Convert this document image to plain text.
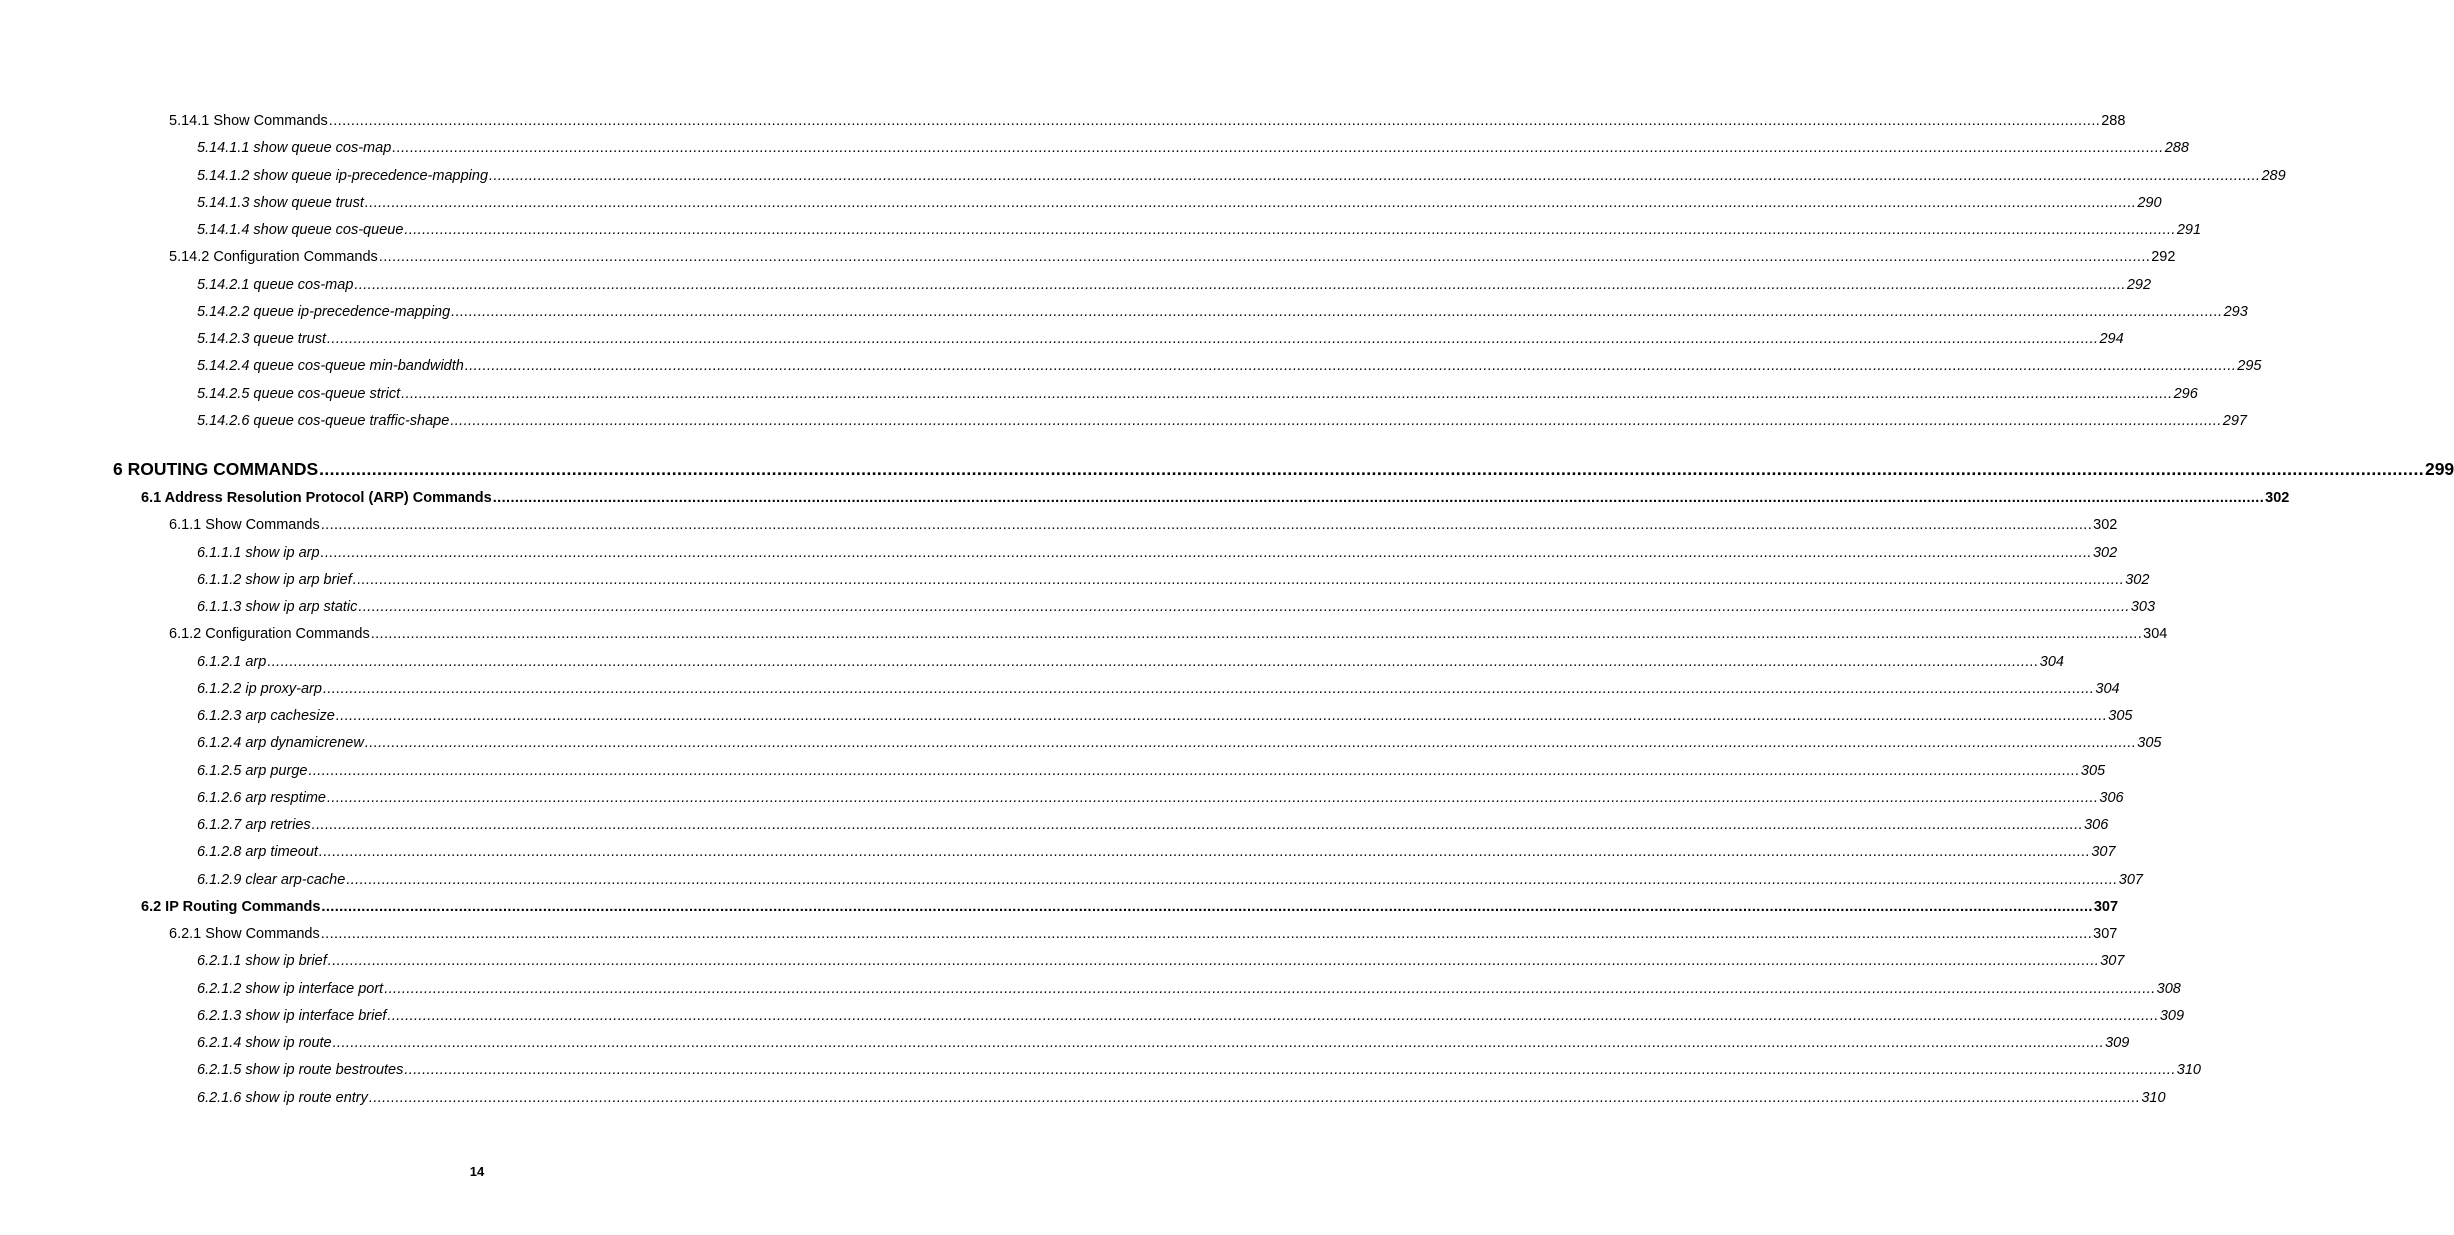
5.14.1 Show Commands ................................................................................................................................................................................................................................................................................................................................................................................................................ 288
5.14.1.1 show queue cos-map ................................................................................................................................................................................................................................................................................................................................................................................................................ 288
5.14.1.2 show queue ip-precedence-mapping ................................................................................................................................................................................................................................................................................................................................................................................................................ 289
5.14.1.3 show queue trust ................................................................................................................................................................................................................................................................................................................................................................................................................ 290
5.14.1.4 show queue cos-queue ................................................................................................................................................................................................................................................................................................................................................................................................................ 291
5.14.2 Configuration Commands ................................................................................................................................................................................................................................................................................................................................................................................................................ 292
5.14.2.1 queue cos-map ................................................................................................................................................................................................................................................................................................................................................................................................................ 292
5.14.2.2 queue ip-precedence-mapping ................................................................................................................................................................................................................................................................................................................................................................................................................ 293
5.14.2.3 queue trust ................................................................................................................................................................................................................................................................................................................................................................................................................ 294
5.14.2.4 queue cos-queue min-bandwidth ................................................................................................................................................................................................................................................................................................................................................................................................................ 295
5.14.2.5 queue cos-queue strict ................................................................................................................................................................................................................................................................................................................................................................................................................ 296
5.14.2.6 queue cos-queue traffic-shape ................................................................................................................................................................................................................................................................................................................................................................................................................ 297
6 ROUTING COMMANDS ................................................................................................................................................................................................................................................................................................................................................................................................................ 299
6.1 Address Resolution Protocol (ARP) Commands ................................................................................................................................................................................................................................................................................................................................................................................................................ 302
6.1.1 Show Commands ................................................................................................................................................................................................................................................................................................................................................................................................................ 302
6.1.1.1 show ip arp ................................................................................................................................................................................................................................................................................................................................................................................................................ 302
6.1.1.2 show ip arp brief ................................................................................................................................................................................................................................................................................................................................................................................................................ 302
6.1.1.3 show ip arp static ................................................................................................................................................................................................................................................................................................................................................................................................................ 303
6.1.2 Configuration Commands ................................................................................................................................................................................................................................................................................................................................................................................................................ 304
6.1.2.1 arp ................................................................................................................................................................................................................................................................................................................................................................................................................ 304
6.1.2.2 ip proxy-arp ................................................................................................................................................................................................................................................................................................................................................................................................................ 304
6.1.2.3 arp cachesize ................................................................................................................................................................................................................................................................................................................................................................................................................ 305
6.1.2.4 arp dynamicrenew ................................................................................................................................................................................................................................................................................................................................................................................................................ 305
6.1.2.5 arp purge ................................................................................................................................................................................................................................................................................................................................................................................................................ 305
6.1.2.6 arp resptime ................................................................................................................................................................................................................................................................................................................................................................................................................ 306
6.1.2.7 arp retries ................................................................................................................................................................................................................................................................................................................................................................................................................ 306
6.1.2.8 arp timeout ................................................................................................................................................................................................................................................................................................................................................................................................................ 307
6.1.2.9 clear arp-cache ................................................................................................................................................................................................................................................................................................................................................................................................................ 307
6.2 IP Routing Commands ................................................................................................................................................................................................................................................................................................................................................................................................................ 307
6.2.1 Show Commands ................................................................................................................................................................................................................................................................................................................................................................................................................ 307
6.2.1.1 show ip brief ................................................................................................................................................................................................................................................................................................................................................................................................................ 307
6.2.1.2 show ip interface port ................................................................................................................................................................................................................................................................................................................................................................................................................ 308
6.2.1.3 show ip interface brief ................................................................................................................................................................................................................................................................................................................................................................................................................ 309
6.2.1.4 show ip route ................................................................................................................................................................................................................................................................................................................................................................................................................ 309
6.2.1.5 show ip route bestroutes ................................................................................................................................................................................................................................................................................................................................................................................................................ 310
6.2.1.6 show ip route entry ................................................................................................................................................................................................................................................................................................................................................................................................................ 310
14
